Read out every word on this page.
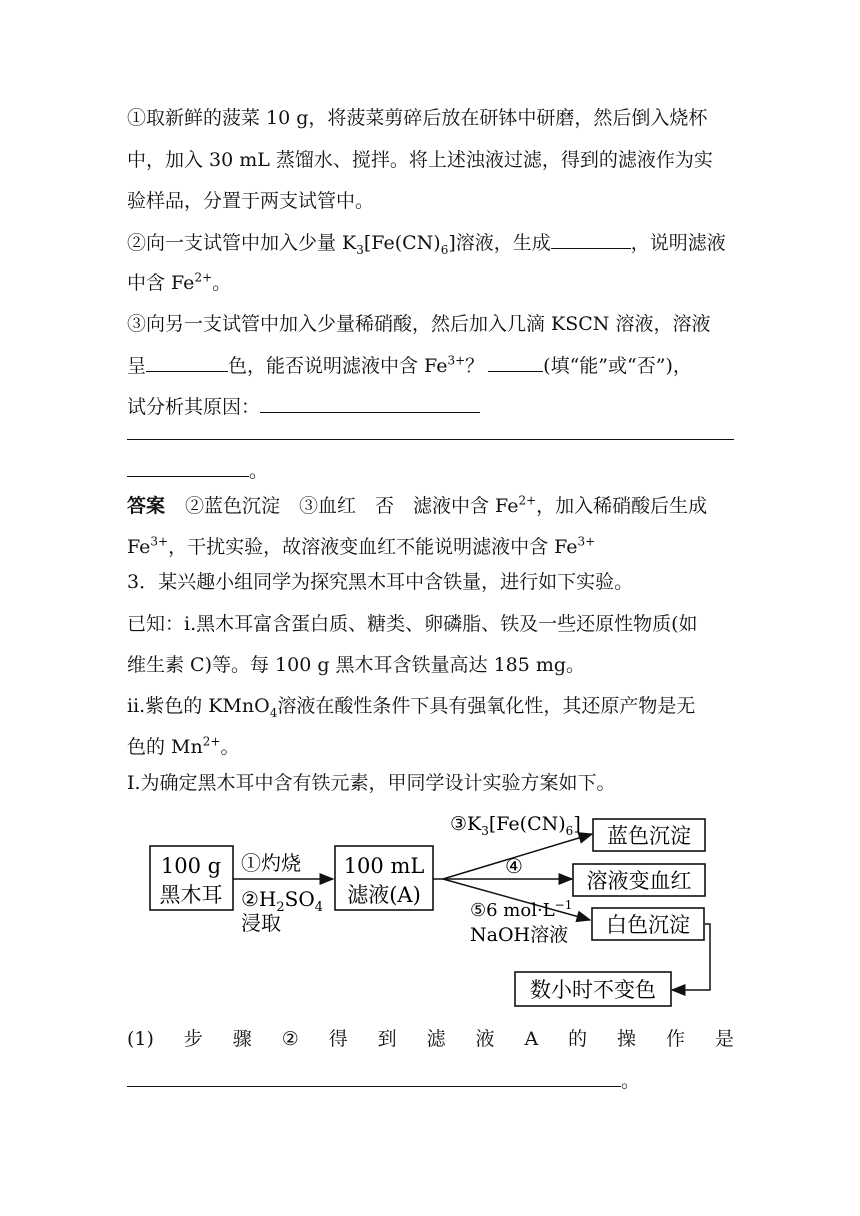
①取新鲜的菠菜 10 g，将菠菜剪碎后放在研钵中研磨，然后倒入烧杯
中，加入 30 mL 蒸馏水、搅拌。将上述浊液过滤，得到的滤液作为实
验样品，分置于两支试管中。
②向一支试管中加入少量 $K_3[Fe(CN)_6]$溶液，生成	，说明滤液
中含 $Fe^{2+}$。
③向另一支试管中加入少量稀硝酸，然后加入几滴 KSCN 溶液，溶液
呈	色，能否说明滤液中含 $Fe^{3+}$？	(填“能”或“否”)，
试分析其原因：
。
答案 ②蓝色沉淀　③血红　否　滤液中含 $Fe^{2+}$，加入稀硝酸后生成
$Fe^{3+}$，干扰实验，故溶液变血红不能说明滤液中含 $Fe^{3+}$
3．某兴趣小组同学为探究黑木耳中含铁量，进行如下实验。
已知：ⅰ.黑木耳富含蛋白质、糖类、卵磷脂、铁及一些还原性物质(如
维生素 C)等。每 100 g 黑木耳含铁量高达 185 mg。
ⅱ.紫色的 KMnO$_4$溶液在酸性条件下具有强氧化性，其还原产物是无
色的 $Mn^{2+}$。
Ⅰ.为确定黑木耳中含有铁元素，甲同学设计实验方案如下。
100 g
黑木耳
①灼烧
$②H_2SO_4$
浸取
100 mL
滤液(A)
$③K_3[Fe(CN)_6]$
④
⑤6 $mol\cdot L^{-1}$
NaOH溶液
蓝色沉淀
溶液变血红
白色沉淀
数小时不变色
(1) 步 骤 ② 得 到 滤 液 A 的 操 作 是
。
